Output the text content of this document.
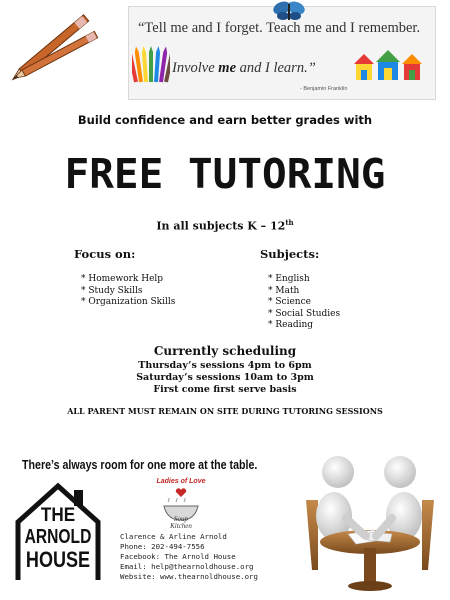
“Tell me and I forget. Teach me and I remember.
Involve me and I learn.”
- Benjamin Franklin
Build confidence and earn better grades with
FREE TUTORING
In all subjects K – 12th
Focus on:
* Homework Help
* Study Skills
* Organization Skills
Subjects:
* English
* Math
* Science
* Social Studies
* Reading
Currently scheduling
Thursday’s sessions 4pm to 6pm
Saturday’s sessions 10am to 3pm
First come first serve basis
ALL PARENT MUST REMAIN ON SITE DURING TUTORING SESSIONS
There’s always room for one more at the table.
Ladies of Love
Soup Kitchen
THE
ARNOLD
HOUSE
Clarence & Arline Arnold
Phone: 202-494-7556
Facebook: The Arnold House
Email: help@thearnoldhouse.org
Website: www.thearnoldhouse.org
